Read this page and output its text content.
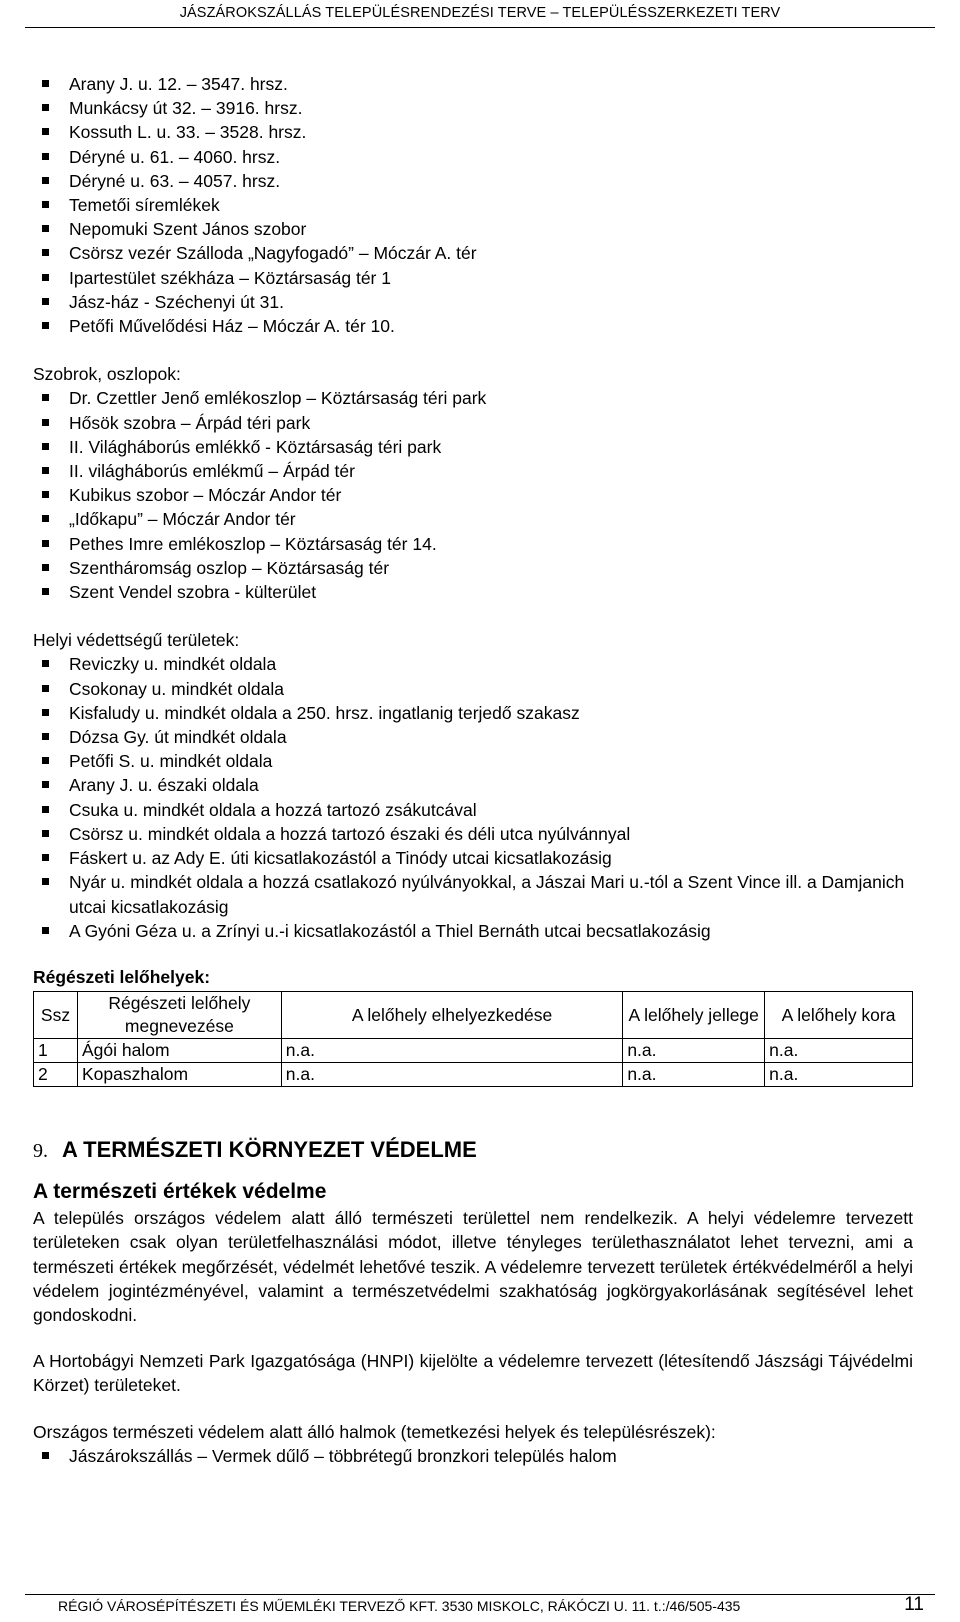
JÁSZÁROKSZÁLLÁS TELEPÜLÉSRENDEZÉSI TERVE – TELEPÜLÉSSZERKEZETI TERV
Arany J. u. 12. – 3547. hrsz.
Munkácsy út 32. – 3916. hrsz.
Kossuth L. u. 33. – 3528. hrsz.
Déryné u. 61. – 4060. hrsz.
Déryné u. 63. – 4057. hrsz.
Temetői síremlékek
Nepomuki Szent János szobor
Csörsz vezér Szálloda „Nagyfogadó” – Móczár A. tér
Ipartestület székháza – Köztársaság tér 1
Jász-ház - Széchenyi út 31.
Petőfi Művelődési Ház – Móczár A. tér 10.
Szobrok, oszlopok:
Dr. Czettler Jenő emlékoszlop – Köztársaság téri park
Hősök szobra – Árpád téri park
II. Világháborús emlékkő - Köztársaság téri park
II. világháborús emlékmű – Árpád tér
Kubikus szobor – Móczár Andor tér
„Időkapu” – Móczár Andor tér
Pethes Imre emlékoszlop – Köztársaság tér 14.
Szentháromság oszlop – Köztársaság tér
Szent Vendel szobra - külterület
Helyi védettségű területek:
Reviczky u. mindkét oldala
Csokonay u. mindkét oldala
Kisfaludy u. mindkét oldala a 250. hrsz. ingatlanig terjedő szakasz
Dózsa Gy. út mindkét oldala
Petőfi S. u. mindkét oldala
Arany J. u. északi oldala
Csuka u. mindkét oldala a hozzá tartozó zsákutcával
Csörsz u. mindkét oldala a hozzá tartozó északi és déli utca nyúlvánnyal
Fáskert u. az Ady E. úti kicsatlakozástól a Tinódy utcai kicsatlakozásig
Nyár u. mindkét oldala a hozzá csatlakozó nyúlványokkal, a Jászai Mari u.-tól a Szent Vince ill. a Damjanich utcai kicsatlakozásig
A Gyóni Géza u. a Zrínyi u.-i kicsatlakozástól a Thiel Bernáth utcai becsatlakozásig
Régészeti lelőhelyek:
Ssz	Régészeti lelőhely megnevezése	A lelőhely elhelyezkedése	A lelőhely jellege	A lelőhely kora
1	Ágói halom	n.a.	n.a.	n.a.
2	Kopaszhalom	n.a.	n.a.	n.a.
9. A TERMÉSZETI KÖRNYEZET VÉDELME
A természeti értékek védelme

A település országos védelem alatt álló természeti területtel nem rendelkezik. A helyi védelemre tervezett területeken csak olyan területfelhasználási módot, illetve tényleges területhasználatot lehet tervezni, ami a természeti értékek megőrzését, védelmét lehetővé teszik. A védelemre tervezett területek értékvédelméről a helyi védelem jogintézményével, valamint a természetvédelmi szakhatóság jogkörgyakorlásának segítésével lehet gondoskodni.

A Hortobágyi Nemzeti Park Igazgatósága (HNPI) kijelölte a védelemre tervezett (létesítendő Jászsági Tájvédelmi Körzet) területeket.

Országos természeti védelem alatt álló halmok (temetkezési helyek és településrészek):

Jászárokszállás – Vermek dűlő – többrétegű bronzkori település halom
RÉGIÓ VÁROSÉPÍTÉSZETI ÉS MŰEMLÉKI TERVEZŐ KFT. 3530 MISKOLC, RÁKÓCZI U. 11. t.:/46/505-435	11
